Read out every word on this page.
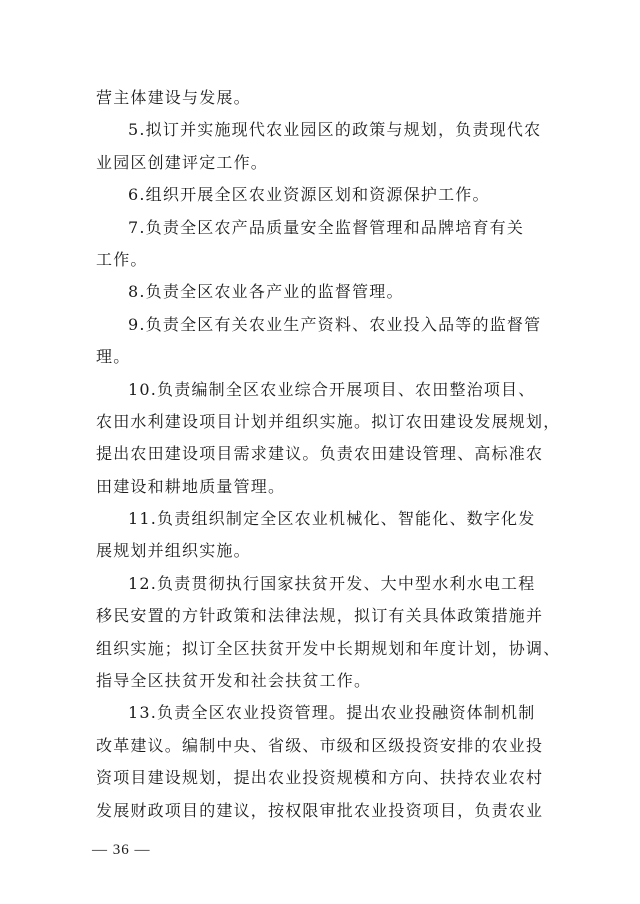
营主体建设与发展。

5.拟订并实施现代农业园区的政策与规划，负责现代农
业园区创建评定工作。

6.组织开展全区农业资源区划和资源保护工作。

7.负责全区农产品质量安全监督管理和品牌培育有关
工作。

8.负责全区农业各产业的监督管理。

9.负责全区有关农业生产资料、农业投入品等的监督管
理。

10.负责编制全区农业综合开展项目、农田整治项目、
农田水利建设项目计划并组织实施。拟订农田建设发展规划，
提出农田建设项目需求建议。负责农田建设管理、高标准农
田建设和耕地质量管理。

11.负责组织制定全区农业机械化、智能化、数字化发
展规划并组织实施。

12.负责贯彻执行国家扶贫开发、大中型水利水电工程
移民安置的方针政策和法律法规，拟订有关具体政策措施并
组织实施；拟订全区扶贫开发中长期规划和年度计划，协调、
指导全区扶贫开发和社会扶贫工作。

13.负责全区农业投资管理。提出农业投融资体制机制
改革建议。编制中央、省级、市级和区级投资安排的农业投
资项目建设规划，提出农业投资规模和方向、扶持农业农村
发展财政项目的建议，按权限审批农业投资项目，负责农业

— 36 —
